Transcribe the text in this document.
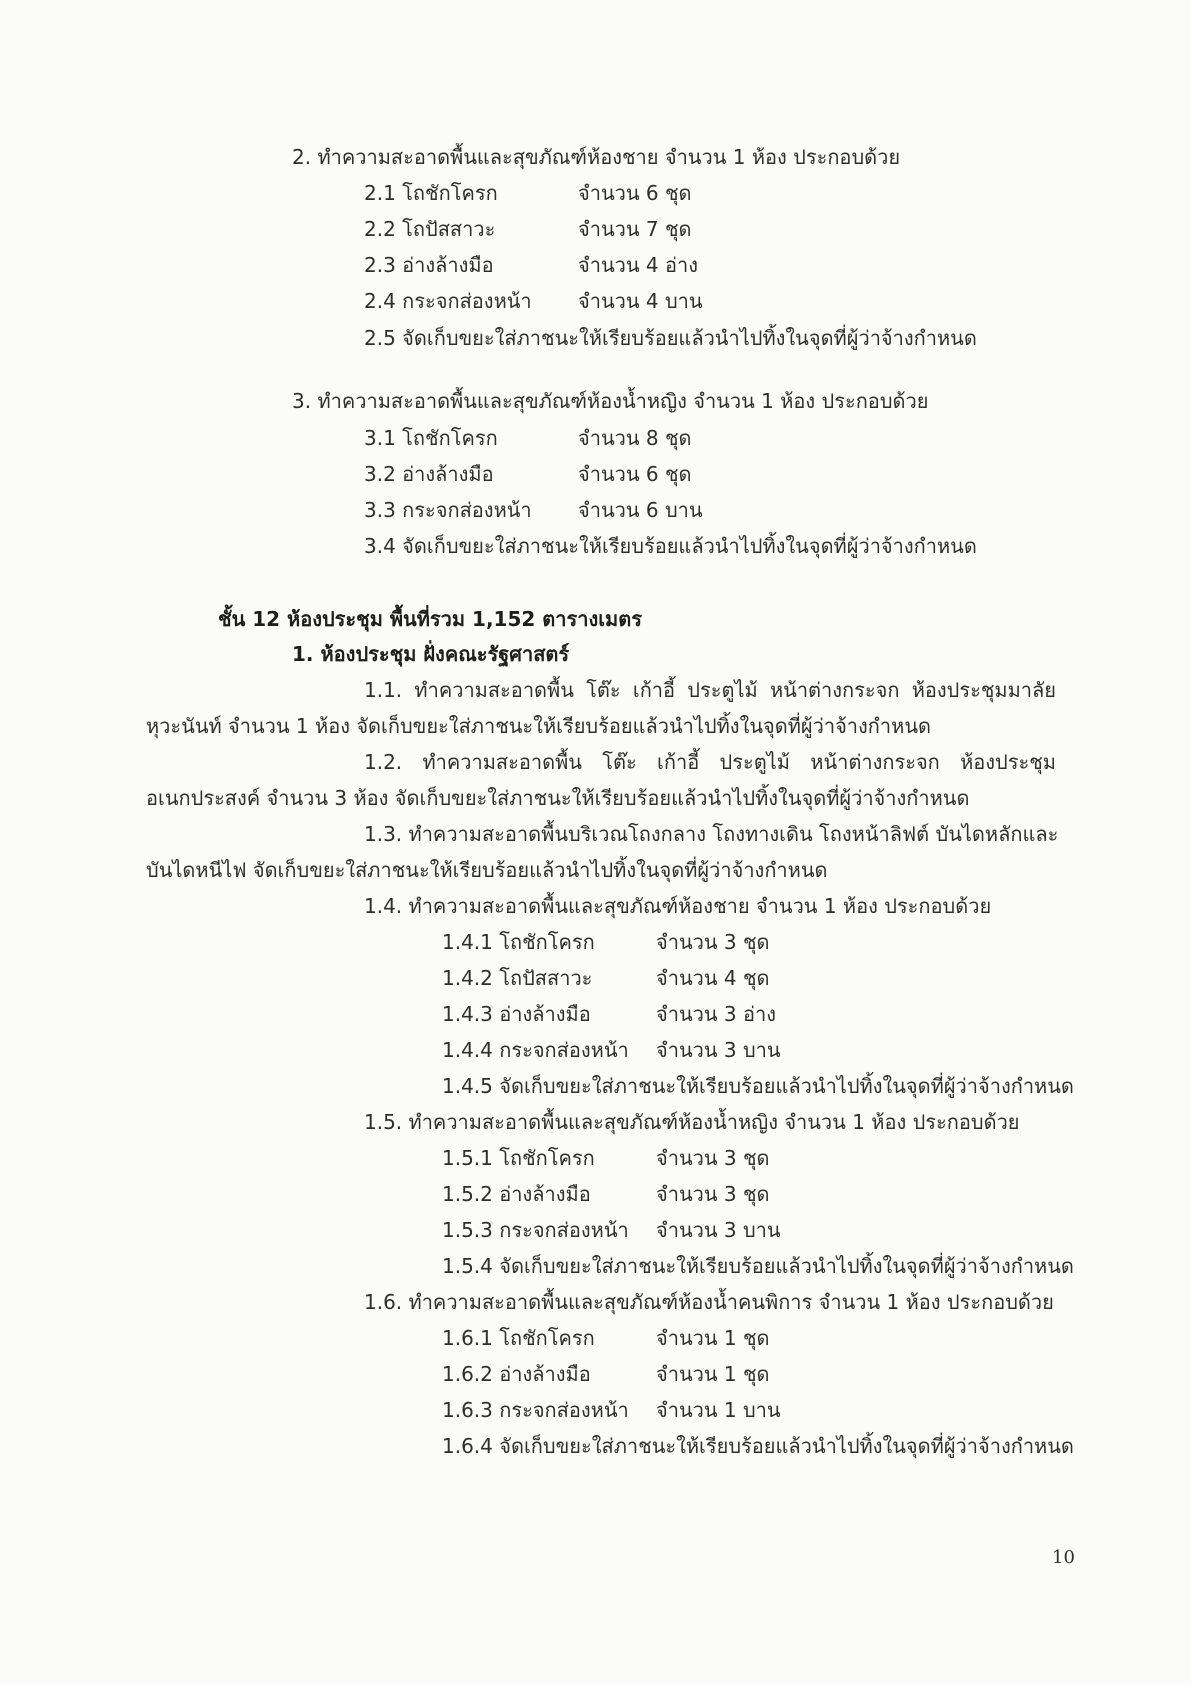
2. ทำความสะอาดพื้นและสุขภัณฑ์ห้องชาย จำนวน 1 ห้อง ประกอบด้วย
2.1 โถชักโครก	จำนวน 6 ชุด
2.2 โถปัสสาวะ	จำนวน 7 ชุด
2.3 อ่างล้างมือ	จำนวน 4 อ่าง
2.4 กระจกส่องหน้า จำนวน 4 บาน
2.5 จัดเก็บขยะใส่ภาชนะให้เรียบร้อยแล้วนำไปทิ้งในจุดที่ผู้ว่าจ้างกำหนด
3. ทำความสะอาดพื้นและสุขภัณฑ์ห้องน้ำหญิง จำนวน 1 ห้อง ประกอบด้วย
3.1 โถชักโครก	จำนวน 8 ชุด
3.2 อ่างล้างมือ	จำนวน 6 ชุด
3.3 กระจกส่องหน้า จำนวน 6 บาน
3.4 จัดเก็บขยะใส่ภาชนะให้เรียบร้อยแล้วนำไปทิ้งในจุดที่ผู้ว่าจ้างกำหนด
ชั้น 12 ห้องประชุม พื้นที่รวม 1,152 ตารางเมตร
1. ห้องประชุม ฝั่งคณะรัฐศาสตร์
1.1. ทำความสะอาดพื้น โต๊ะ เก้าอี้ ประตูไม้ หน้าต่างกระจก ห้องประชุมมาลัย
หุวะนันท์ จำนวน 1 ห้อง จัดเก็บขยะใส่ภาชนะให้เรียบร้อยแล้วนำไปทิ้งในจุดที่ผู้ว่าจ้างกำหนด
1.2. ทำความสะอาดพื้น โต๊ะ เก้าอี้ ประตูไม้ หน้าต่างกระจก ห้องประชุม
อเนกประสงค์ จำนวน 3 ห้อง จัดเก็บขยะใส่ภาชนะให้เรียบร้อยแล้วนำไปทิ้งในจุดที่ผู้ว่าจ้างกำหนด
1.3. ทำความสะอาดพื้นบริเวณโถงกลาง โถงทางเดิน โถงหน้าลิฟต์ บันไดหลักและ
บันไดหนีไฟ จัดเก็บขยะใส่ภาชนะให้เรียบร้อยแล้วนำไปทิ้งในจุดที่ผู้ว่าจ้างกำหนด
1.4. ทำความสะอาดพื้นและสุขภัณฑ์ห้องชาย จำนวน 1 ห้อง ประกอบด้วย
1.4.1 โถชักโครก	จำนวน 3 ชุด
1.4.2 โถปัสสาวะ	จำนวน 4 ชุด
1.4.3 อ่างล้างมือ	จำนวน 3 อ่าง
1.4.4 กระจกส่องหน้า จำนวน 3 บาน
1.4.5 จัดเก็บขยะใส่ภาชนะให้เรียบร้อยแล้วนำไปทิ้งในจุดที่ผู้ว่าจ้างกำหนด
1.5. ทำความสะอาดพื้นและสุขภัณฑ์ห้องน้ำหญิง จำนวน 1 ห้อง ประกอบด้วย
1.5.1 โถชักโครก	จำนวน 3 ชุด
1.5.2 อ่างล้างมือ	จำนวน 3 ชุด
1.5.3 กระจกส่องหน้า จำนวน 3 บาน
1.5.4 จัดเก็บขยะใส่ภาชนะให้เรียบร้อยแล้วนำไปทิ้งในจุดที่ผู้ว่าจ้างกำหนด
1.6. ทำความสะอาดพื้นและสุขภัณฑ์ห้องน้ำคนพิการ จำนวน 1 ห้อง ประกอบด้วย
1.6.1 โถชักโครก	จำนวน 1 ชุด
1.6.2 อ่างล้างมือ	จำนวน 1 ชุด
1.6.3 กระจกส่องหน้า จำนวน 1 บาน
1.6.4 จัดเก็บขยะใส่ภาชนะให้เรียบร้อยแล้วนำไปทิ้งในจุดที่ผู้ว่าจ้างกำหนด
10
